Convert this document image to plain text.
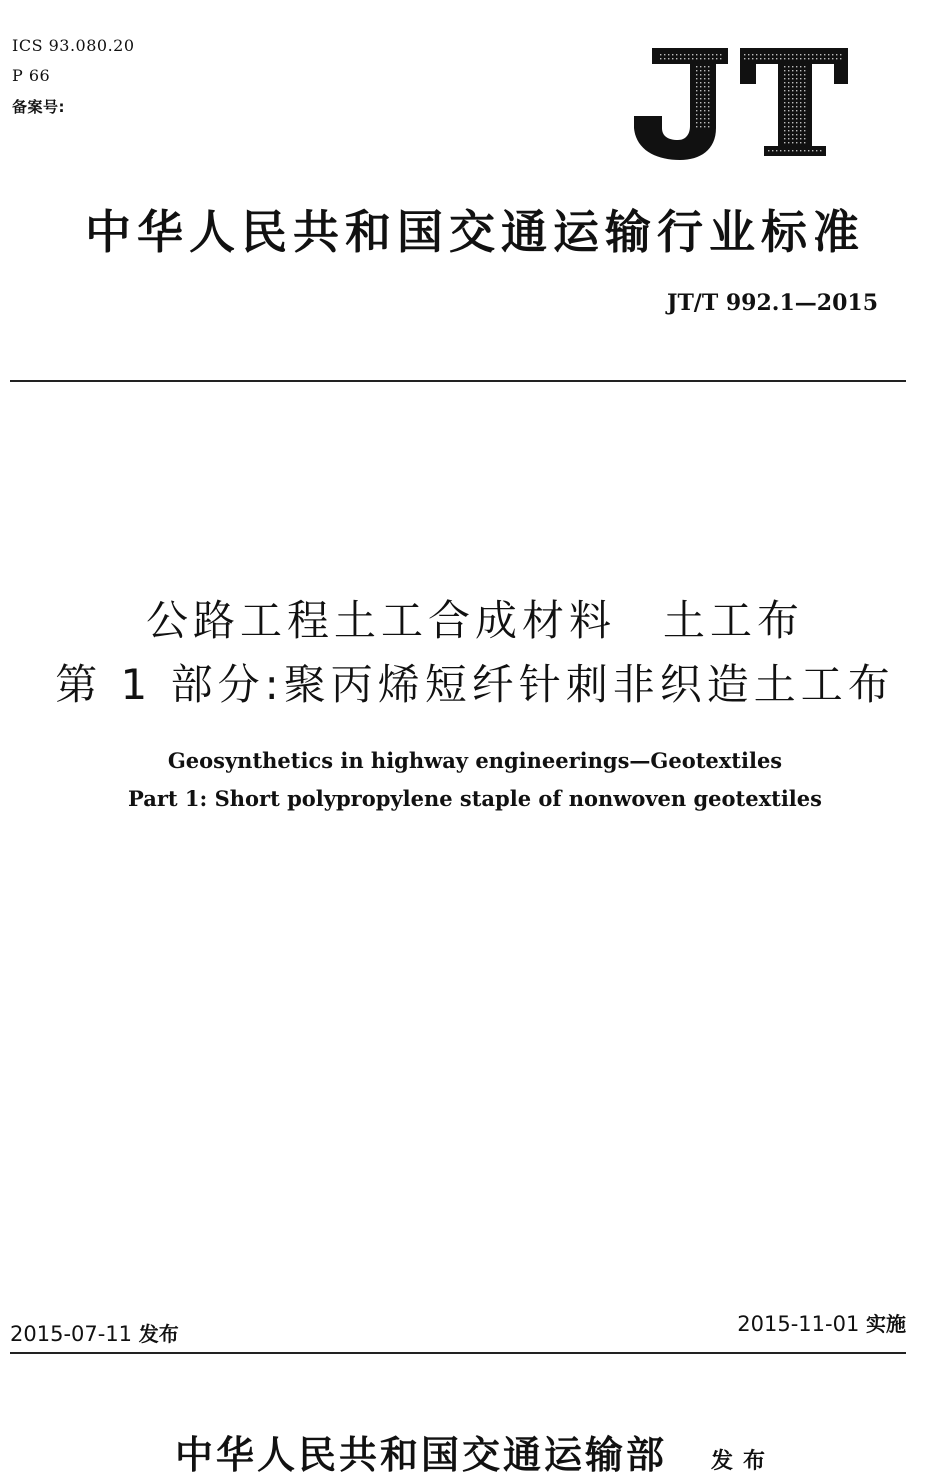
ICS 93.080.20
P 66
备案号:
中华人民共和国交通运输行业标准
JT/T 992.1—2015
公路工程土工合成材料　土工布
第 1 部分:聚丙烯短纤针刺非织造土工布
Geosynthetics in highway engineerings—Geotextiles
Part 1: Short polypropylene staple of nonwoven geotextiles
2015-07-11 发布	2015-11-01 实施
中华人民共和国交通运输部 发布
